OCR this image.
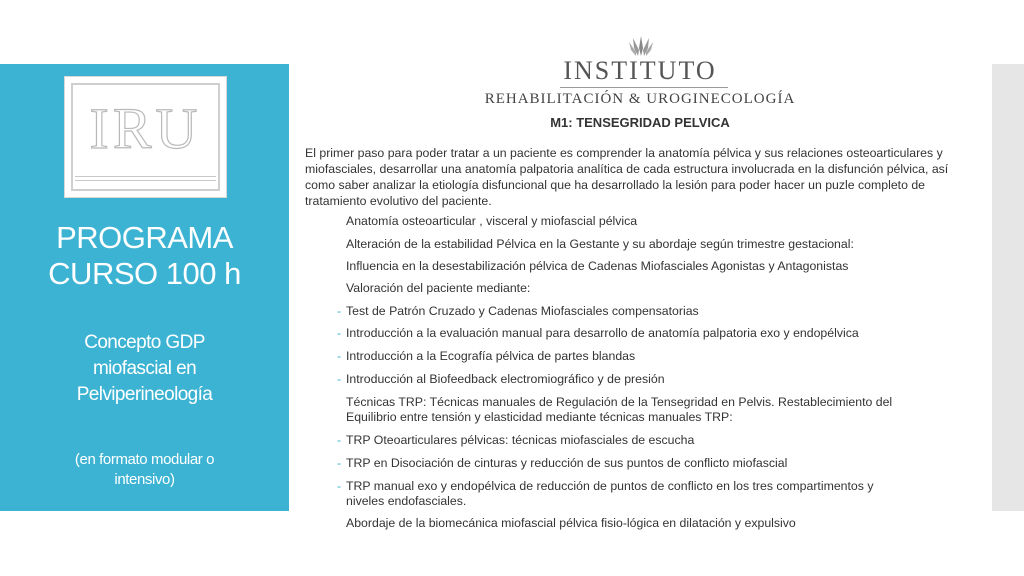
IRU
PROGRAMA
CURSO 100 h
Concepto GDP
miofascial en
Pelviperineología
(en formato modular o
intensivo)
INSTITUTO
REHABILITACIÓN & UROGINECOLOGÍA
M1: TENSEGRIDAD PELVICA
El primer paso para poder tratar a un paciente es comprender la anatomía pélvica y sus relaciones osteoarticulares y miofasciales, desarrollar una anatomía palpatoria analítica de cada estructura involucrada en la disfunción pélvica, así como saber analizar la etiología disfuncional que ha desarrollado la lesión para poder hacer un puzle completo de tratamiento evolutivo del paciente.
Anatomía osteoarticular , visceral y miofascial pélvica
Alteración de la estabilidad Pélvica en la Gestante y su abordaje según trimestre gestacional:
Influencia en la desestabilización pélvica de Cadenas Miofasciales Agonistas y Antagonistas
Valoración del paciente mediante:
- Test de Patrón Cruzado y Cadenas Miofasciales compensatorias
- Introducción a la evaluación manual para desarrollo de anatomía palpatoria exo y endopélvica
- Introducción a la Ecografía pélvica de partes blandas
- Introducción al Biofeedback electromiográfico y de presión
Técnicas TRP: Técnicas manuales de Regulación de la Tensegridad en Pelvis. Restablecimiento del
Equilibrio entre tensión y elasticidad mediante técnicas manuales TRP:
- TRP Oteoarticulares pélvicas: técnicas miofasciales de escucha
- TRP en Disociación de cinturas y reducción de sus puntos de conflicto miofascial
- TRP manual exo y endopélvica de reducción de puntos de conflicto en los tres compartimentos y
niveles endofasciales.
Abordaje de la biomecánica miofascial pélvica fisio-lógica en dilatación y expulsivo
